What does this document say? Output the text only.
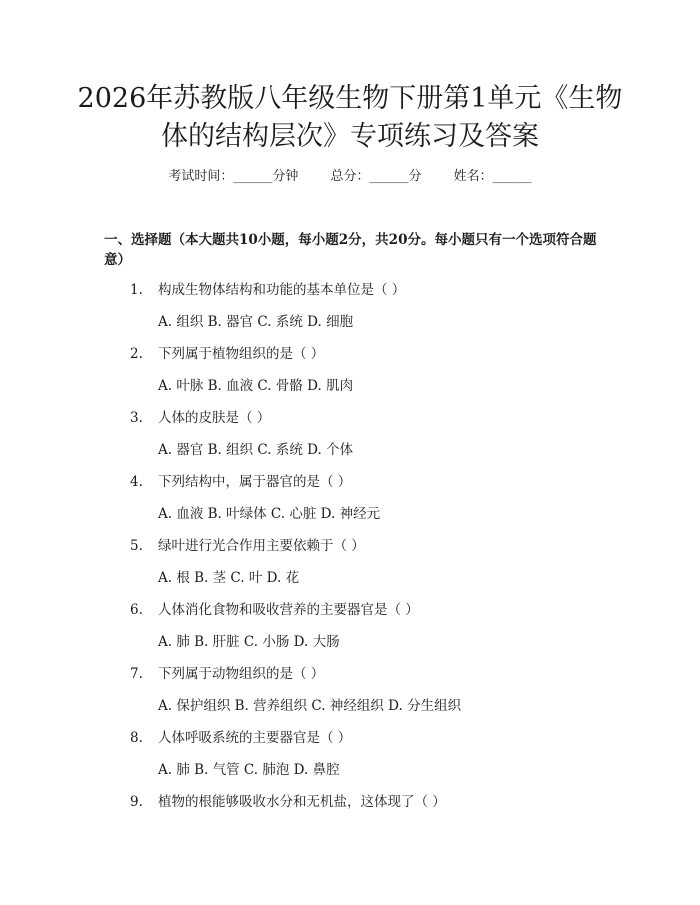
2026年苏教版八年级生物下册第1单元《生物体的结构层次》专项练习及答案
考试时间：______分钟 总分：______分 姓名：______
一、选择题（本大题共10小题，每小题2分，共20分。每小题只有一个选项符合题意）
1. 构成生物体结构和功能的基本单位是（ ）
A. 组织 B. 器官 C. 系统 D. 细胞
2. 下列属于植物组织的是（ ）
A. 叶脉 B. 血液 C. 骨骼 D. 肌肉
3. 人体的皮肤是（ ）
A. 器官 B. 组织 C. 系统 D. 个体
4. 下列结构中，属于器官的是（ ）
A. 血液 B. 叶绿体 C. 心脏 D. 神经元
5. 绿叶进行光合作用主要依赖于（ ）
A. 根 B. 茎 C. 叶 D. 花
6. 人体消化食物和吸收营养的主要器官是（ ）
A. 肺 B. 肝脏 C. 小肠 D. 大肠
7. 下列属于动物组织的是（ ）
A. 保护组织 B. 营养组织 C. 神经组织 D. 分生组织
8. 人体呼吸系统的主要器官是（ ）
A. 肺 B. 气管 C. 肺泡 D. 鼻腔
9. 植物的根能够吸收水分和无机盐，这体现了（ ）
